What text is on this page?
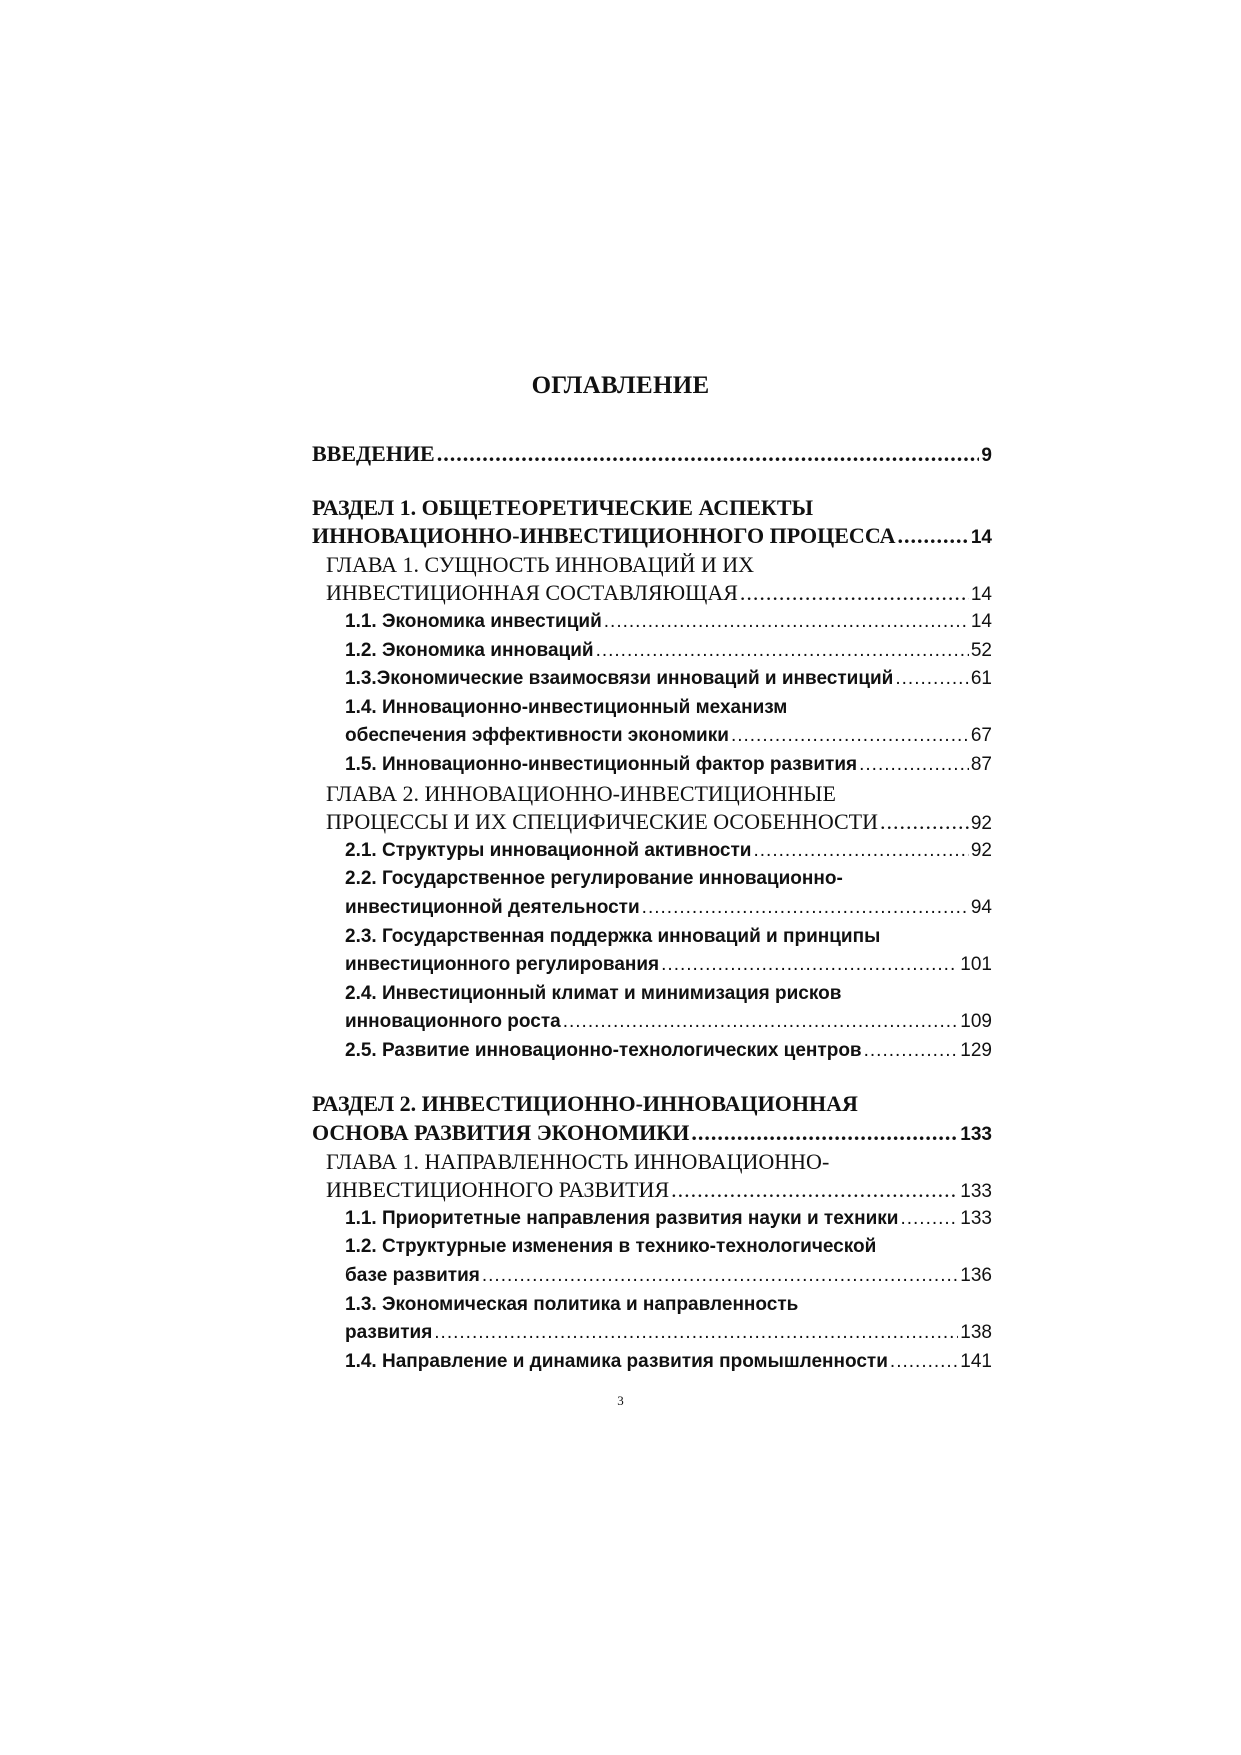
ОГЛАВЛЕНИЕ
ВВЕДЕНИЕ .....	9
РАЗДЕЛ 1. ОБЩЕТЕОРЕТИЧЕСКИЕ АСПЕКТЫ
ИННОВАЦИОННО-ИНВЕСТИЦИОННОГО ПРОЦЕССА .....	14
ГЛАВА 1. СУЩНОСТЬ ИННОВАЦИЙ И ИХ
ИНВЕСТИЦИОННАЯ СОСТАВЛЯЮЩАЯ .....	14
1.1. Экономика инвестиций .....	14
1.2. Экономика инноваций .....	52
1.3.Экономические взаимосвязи инноваций и инвестиций .....	61
1.4. Инновационно-инвестиционный механизм
обеспечения эффективности экономики .....	67
1.5. Инновационно-инвестиционный фактор развития .....	87
ГЛАВА 2. ИННОВАЦИОННО-ИНВЕСТИЦИОННЫЕ
ПРОЦЕССЫ И ИХ СПЕЦИФИЧЕСКИЕ ОСОБЕННОСТИ .....	92
2.1. Структуры инновационной активности .....	92
2.2. Государственное регулирование инновационно-
инвестиционной деятельности .....	94
2.3. Государственная поддержка инноваций и принципы
инвестиционного регулирования .....	101
2.4. Инвестиционный климат и минимизация рисков
инновационного роста .....	109
2.5. Развитие инновационно-технологических центров .....	129
РАЗДЕЛ 2. ИНВЕСТИЦИОННО-ИННОВАЦИОННАЯ
ОСНОВА РАЗВИТИЯ ЭКОНОМИКИ .....	133
ГЛАВА 1. НАПРАВЛЕННОСТЬ ИННОВАЦИОННО-
ИНВЕСТИЦИОННОГО РАЗВИТИЯ .....	133
1.1. Приоритетные направления развития науки и техники .....	133
1.2. Структурные изменения в технико-технологической
базе развития .....	136
1.3. Экономическая политика и направленность
развития .....	138
1.4. Направление и динамика развития промышленности .....	141
3
